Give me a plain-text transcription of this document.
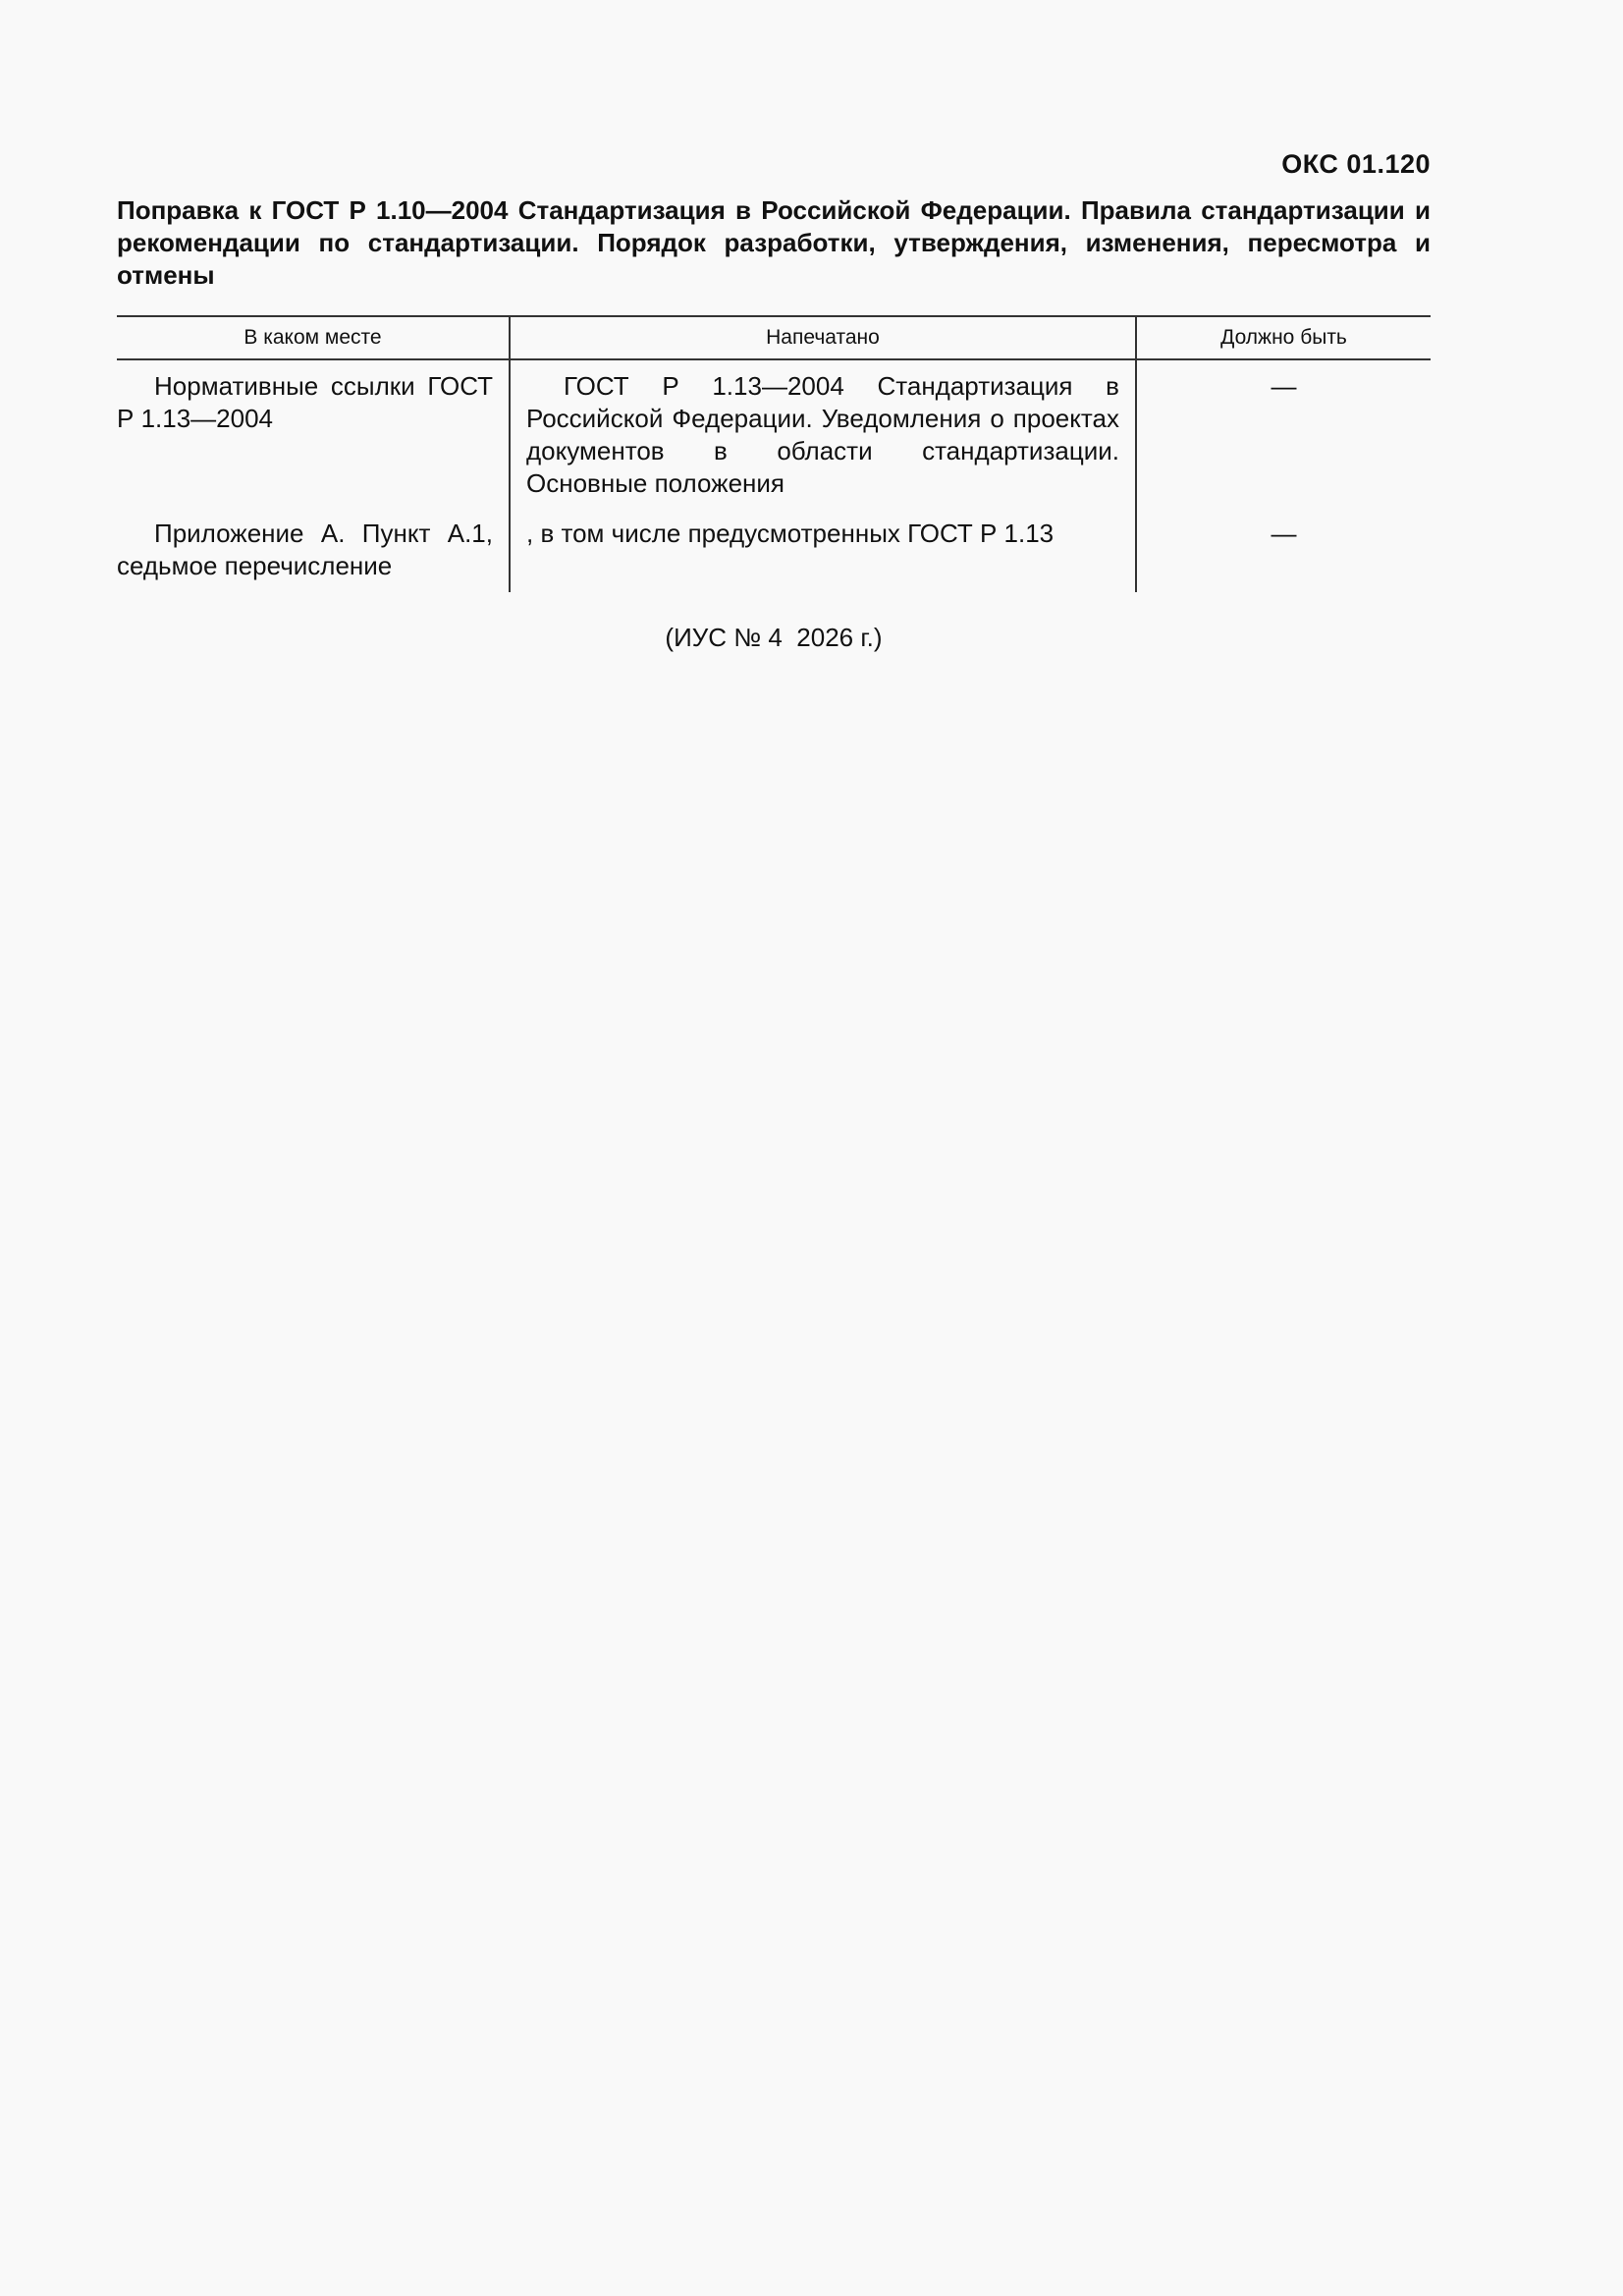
ОКС 01.120

Поправка к ГОСТ Р 1.10—2004 Стандартизация в Российской Федерации. Правила стандартизации и рекомендации по стандартизации. Порядок разработки, утверждения, изменения, пересмотра и отмены

В каком месте	Напечатано	Должно быть
Нормативные ссылки ГОСТ Р 1.13—2004	ГОСТ Р 1.13—2004 Стандартизация в Российской Федерации. Уведомления о проектах документов в области стандартизации. Основные положения	—
Приложение А. Пункт А.1, седьмое перечисление	, в том числе предусмотренных ГОСТ Р 1.13	—
(ИУС № 4  2026 г.)
